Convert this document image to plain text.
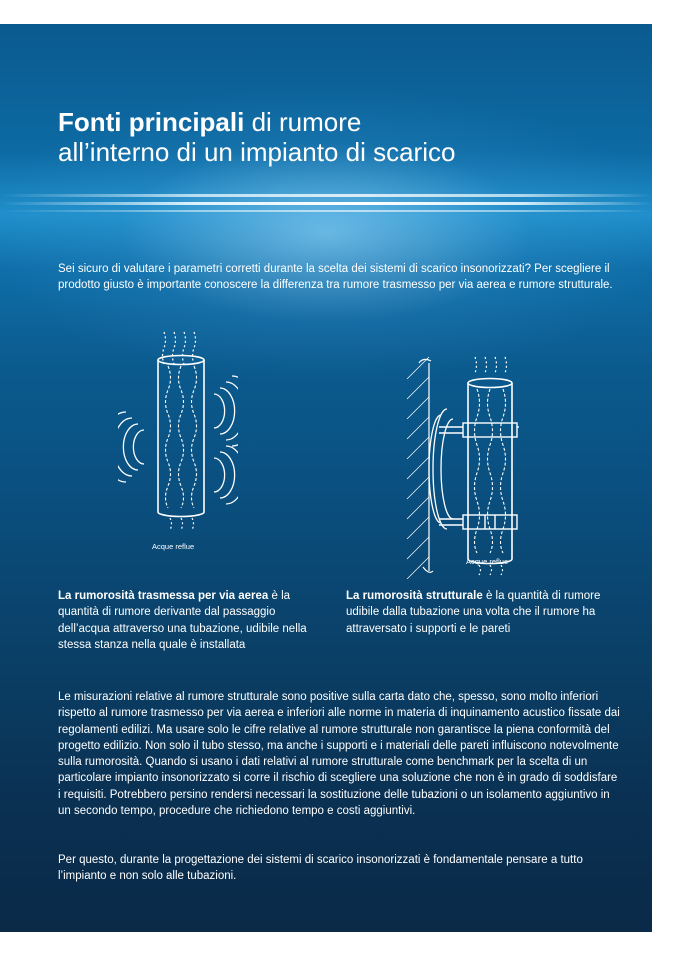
Fonti principali di rumore
all’interno di un impianto di scarico

Sei sicuro di valutare i parametri corretti durante la scelta dei sistemi di scarico insonorizzati? Per scegliere il prodotto giusto è importante conoscere la differenza tra rumore trasmesso per via aerea e rumore strutturale.

Acque reflue
Acque reflue

La rumorosità trasmessa per via aerea è la quantità di rumore derivante dal passaggio dell’acqua attraverso una tubazione, udibile nella stessa stanza nella quale è installata

La rumorosità strutturale è la quantità di rumore udibile dalla tubazione una volta che il rumore ha attraversato i supporti e le pareti

Le misurazioni relative al rumore strutturale sono positive sulla carta dato che, spesso, sono molto inferiori rispetto al rumore trasmesso per via aerea e inferiori alle norme in materia di inquinamento acustico fissate dai regolamenti edilizi. Ma usare solo le cifre relative al rumore strutturale non garantisce la piena conformità del progetto edilizio. Non solo il tubo stesso, ma anche i supporti e i materiali delle pareti influiscono notevolmente sulla rumorosità. Quando si usano i dati relativi al rumore strutturale come benchmark per la scelta di un particolare impianto insonorizzato si corre il rischio di scegliere una soluzione che non è in grado di soddisfare i requisiti. Potrebbero persino rendersi necessari la sostituzione delle tubazioni o un isolamento aggiuntivo in un secondo tempo, procedure che richiedono tempo e costi aggiuntivi.

Per questo, durante la progettazione dei sistemi di scarico insonorizzati è fondamentale pensare a tutto l’impianto e non solo alle tubazioni.
